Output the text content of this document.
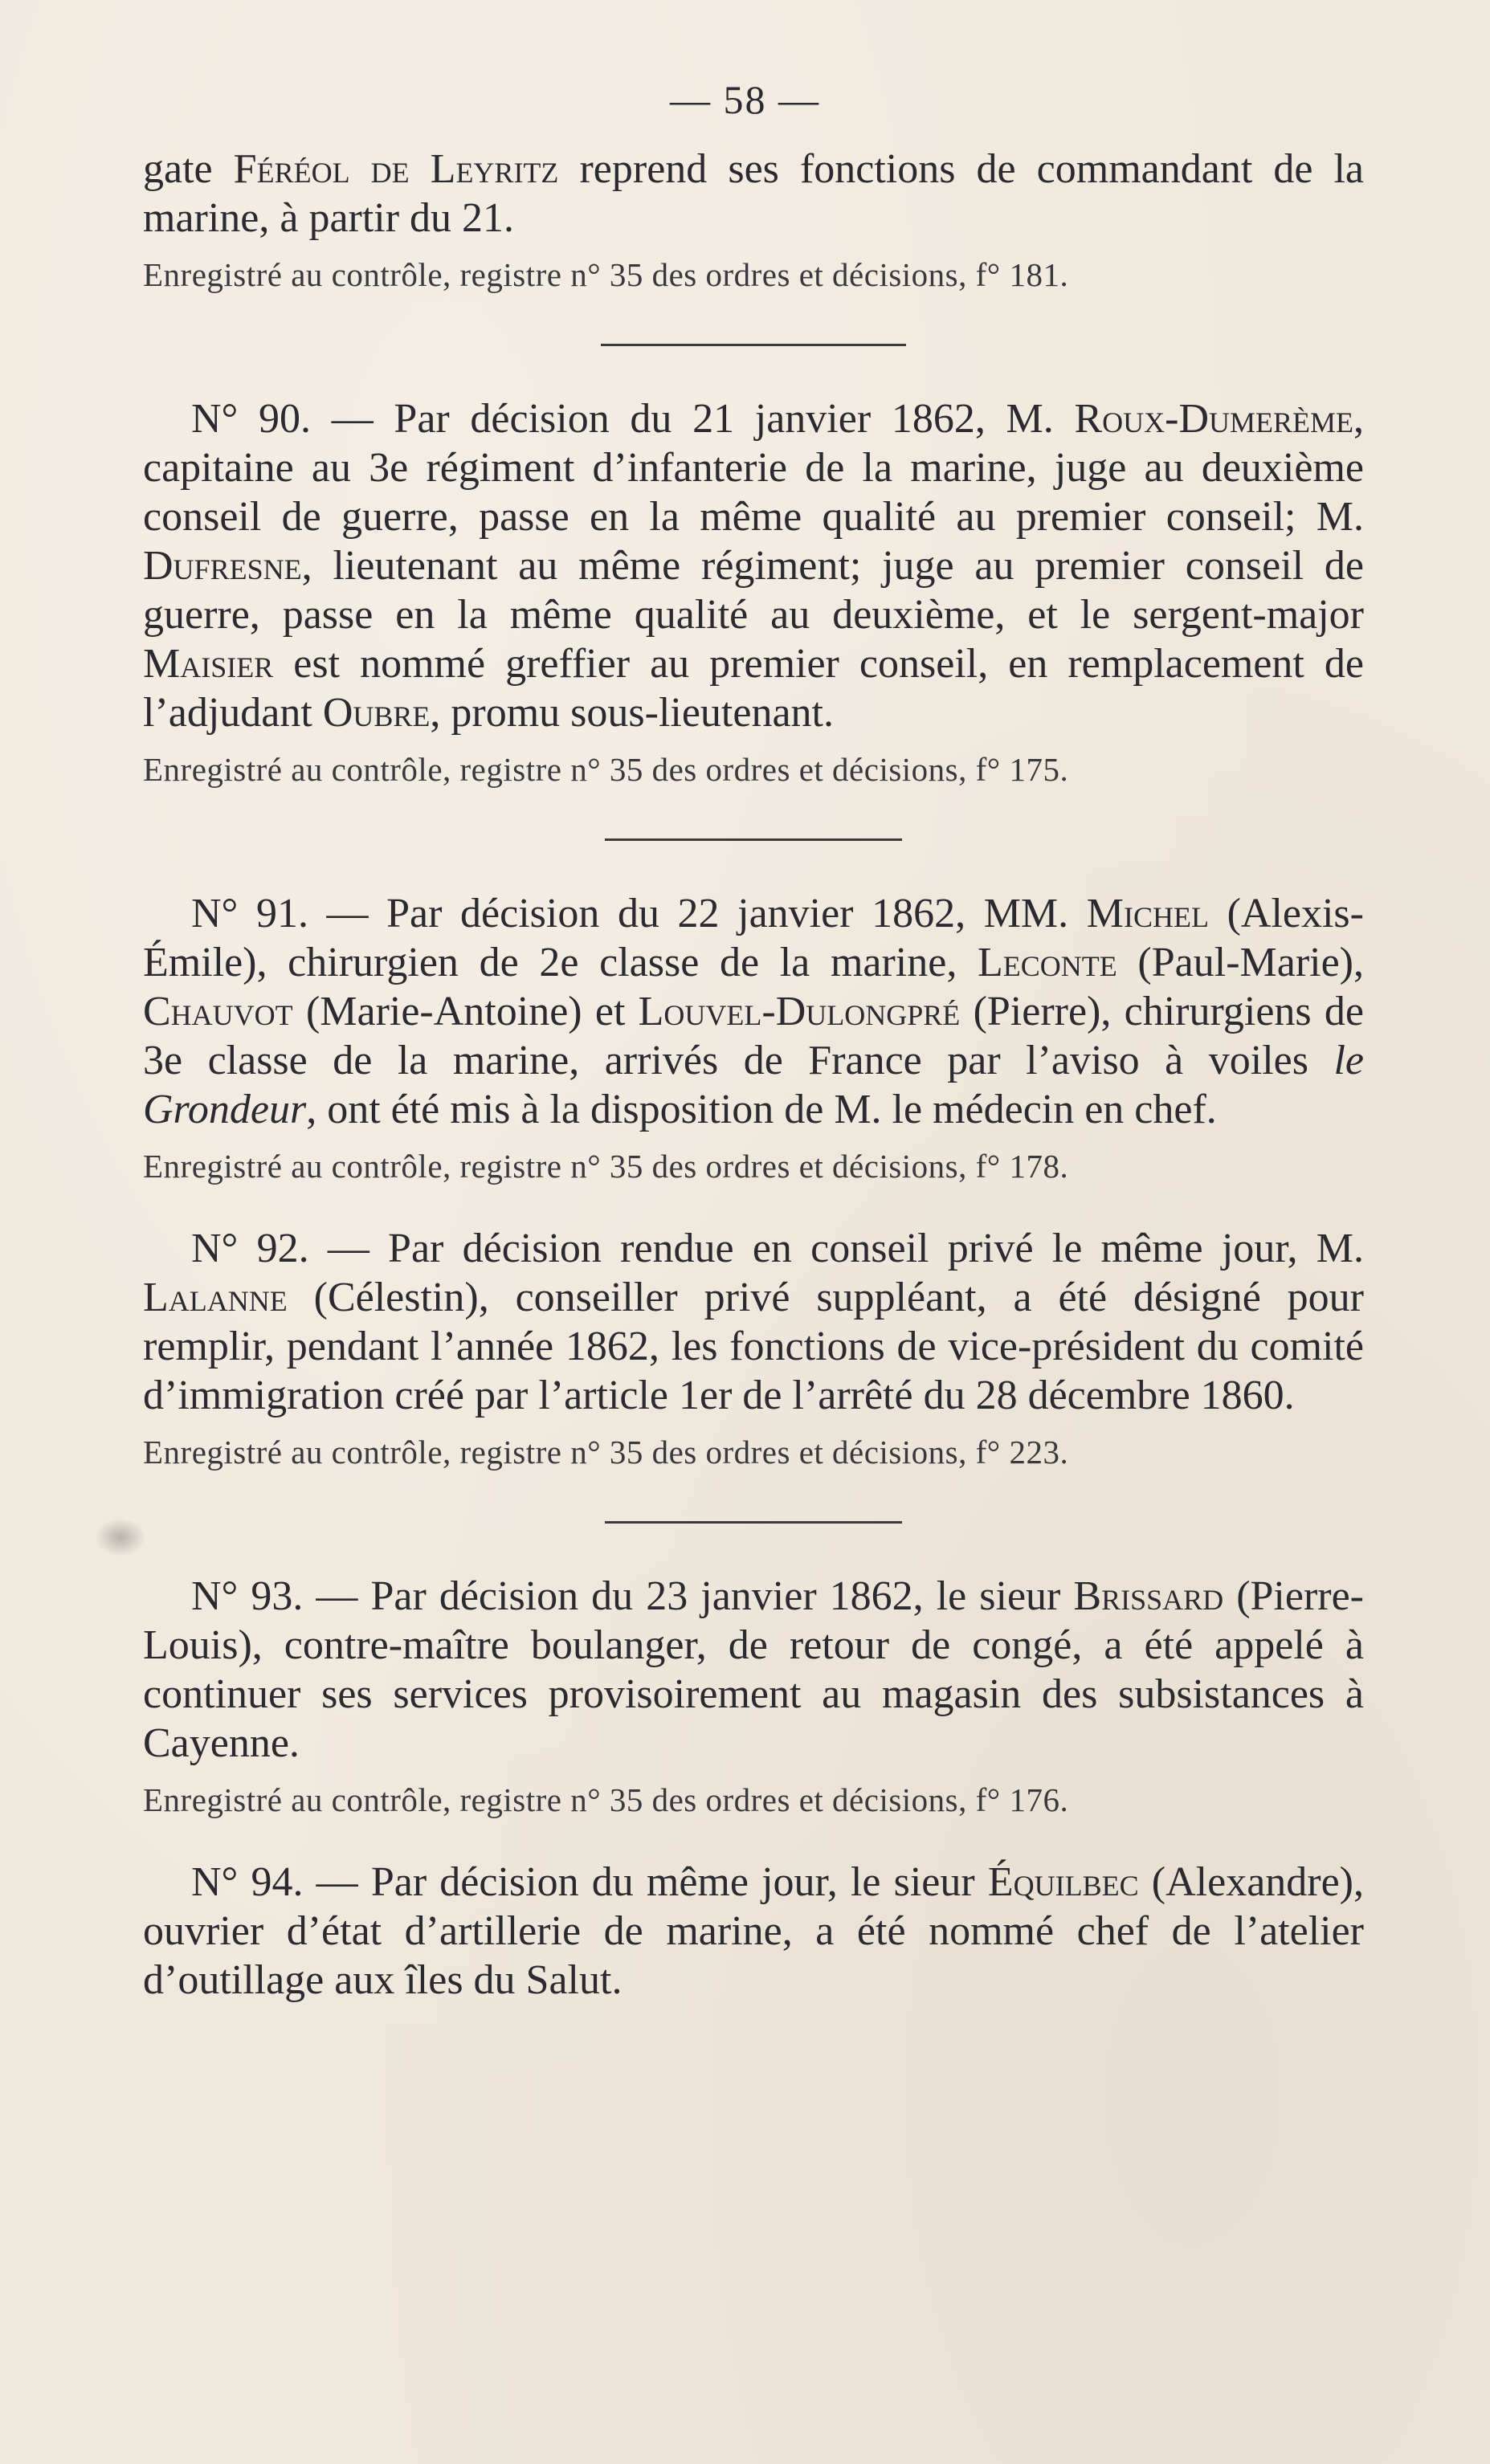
— 58 —

gate Féréol de Leyritz reprend ses fonctions de commandant de la marine, à partir du 21.

Enregistré au contrôle, registre n° 35 des ordres et décisions, f° 181.

N° 90. — Par décision du 21 janvier 1862, M. Roux-Dumerème, capitaine au 3e régiment d’infanterie de la marine, juge au deuxième conseil de guerre, passe en la même qualité au premier conseil; M. Dufresne, lieutenant au même régiment; juge au premier conseil de guerre, passe en la même qualité au deuxième, et le sergent-major Maisier est nommé greffier au premier conseil, en remplacement de l’adjudant Oubre, promu sous-lieutenant.

Enregistré au contrôle, registre n° 35 des ordres et décisions, f° 175.

N° 91. — Par décision du 22 janvier 1862, MM. Michel (Alexis-Émile), chirurgien de 2e classe de la marine, Leconte (Paul-Marie), Chauvot (Marie-Antoine) et Louvel-Dulongpré (Pierre), chirurgiens de 3e classe de la marine, arrivés de France par l’aviso à voiles le Grondeur, ont été mis à la disposition de M. le médecin en chef.

Enregistré au contrôle, registre n° 35 des ordres et décisions, f° 178.

N° 92. — Par décision rendue en conseil privé le même jour, M. Lalanne (Célestin), conseiller privé suppléant, a été désigné pour remplir, pendant l’année 1862, les fonctions de vice-président du comité d’immigration créé par l’article 1er de l’arrêté du 28 décembre 1860.

Enregistré au contrôle, registre n° 35 des ordres et décisions, f° 223.

N° 93. — Par décision du 23 janvier 1862, le sieur Brissard (Pierre-Louis), contre-maître boulanger, de retour de congé, a été appelé à continuer ses services provisoirement au magasin des subsistances à Cayenne.

Enregistré au contrôle, registre n° 35 des ordres et décisions, f° 176.

N° 94. — Par décision du même jour, le sieur Équilbec (Alexandre), ouvrier d’état d’artillerie de marine, a été nommé chef de l’atelier d’outillage aux îles du Salut.
